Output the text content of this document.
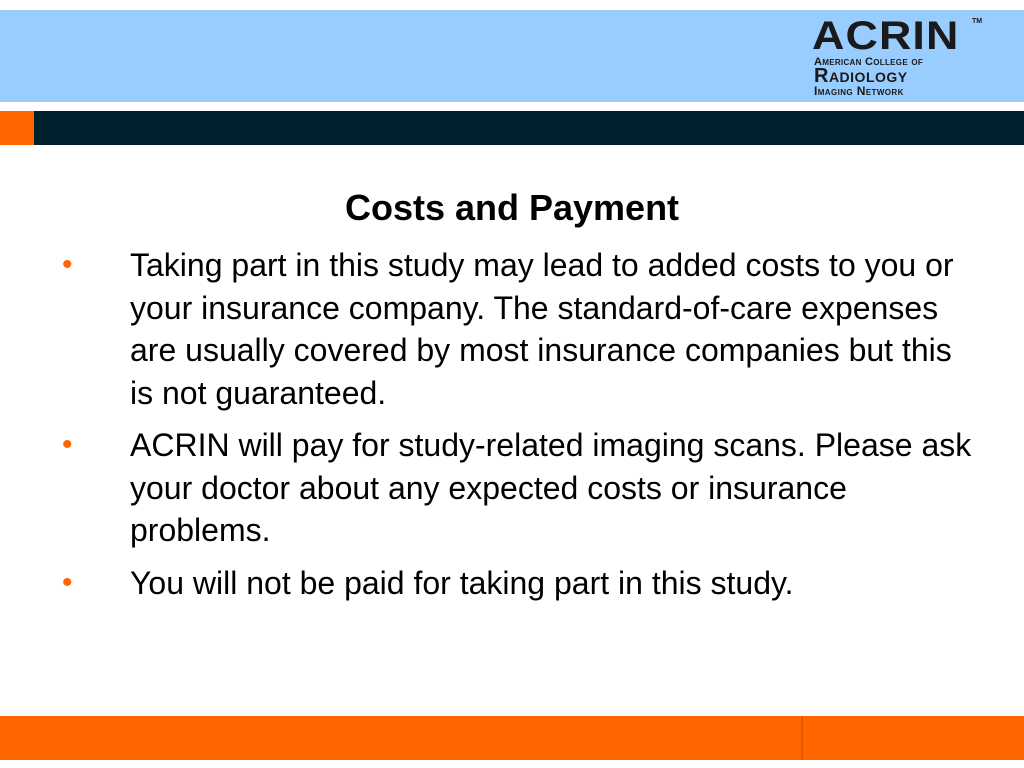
ACRIN TM
American College of
Radiology
Imaging Network
Costs and Payment
• Taking part in this study may lead to added costs to you or your insurance company. The standard-of-care expenses are usually covered by most insurance companies but this is not guaranteed.
• ACRIN will pay for study-related imaging scans. Please ask your doctor about any expected costs or insurance problems.
• You will not be paid for taking part in this study.
